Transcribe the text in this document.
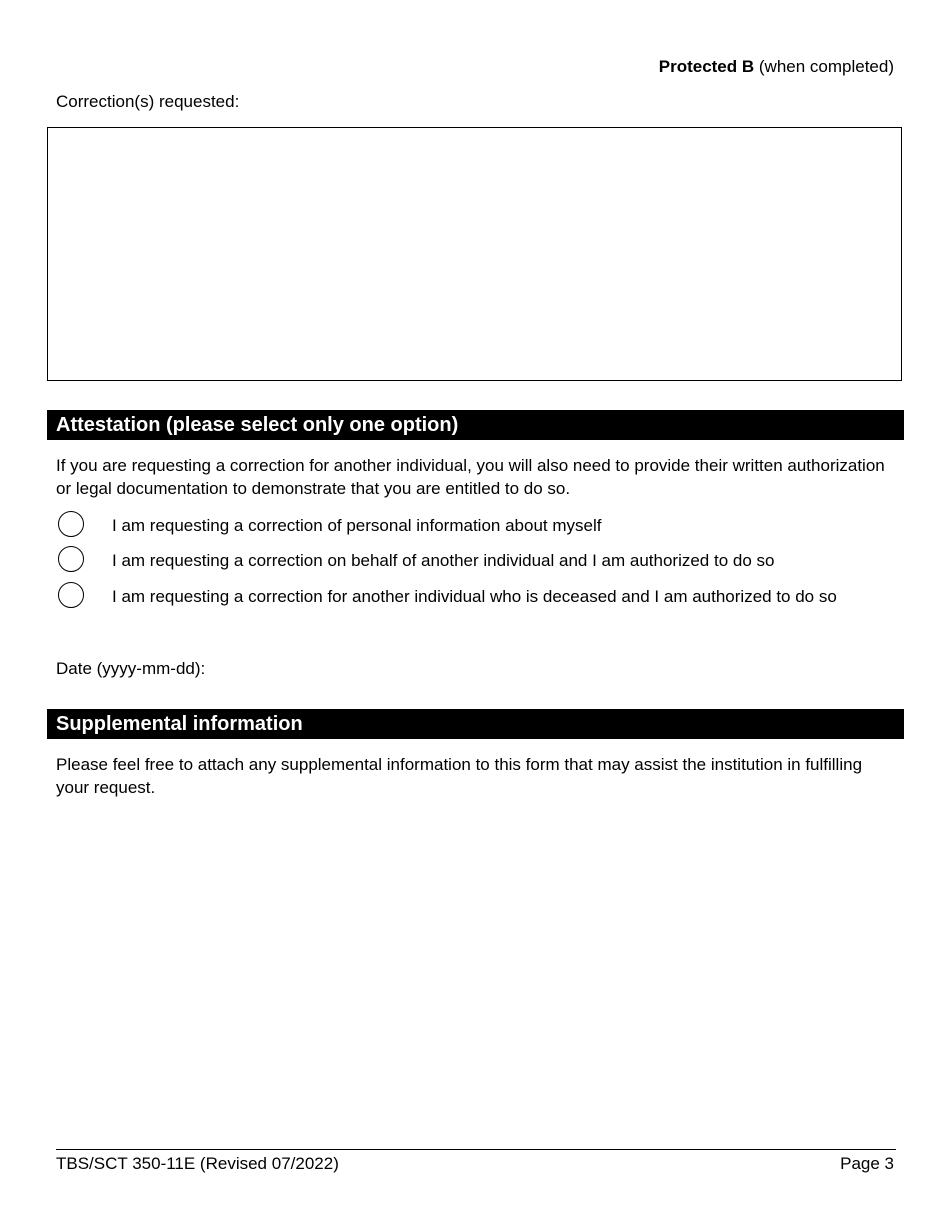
Protected B (when completed)
Correction(s) requested:
Attestation (please select only one option)
If you are requesting a correction for another individual, you will also need to provide their written authorization or legal documentation to demonstrate that you are entitled to do so.
I am requesting a correction of personal information about myself
I am requesting a correction on behalf of another individual and I am authorized to do so
I am requesting a correction for another individual who is deceased and I am authorized to do so
Date (yyyy-mm-dd):
Supplemental information
Please feel free to attach any supplemental information to this form that may assist the institution in fulfilling your request.
TBS/SCT 350-11E (Revised 07/2022)	Page 3
